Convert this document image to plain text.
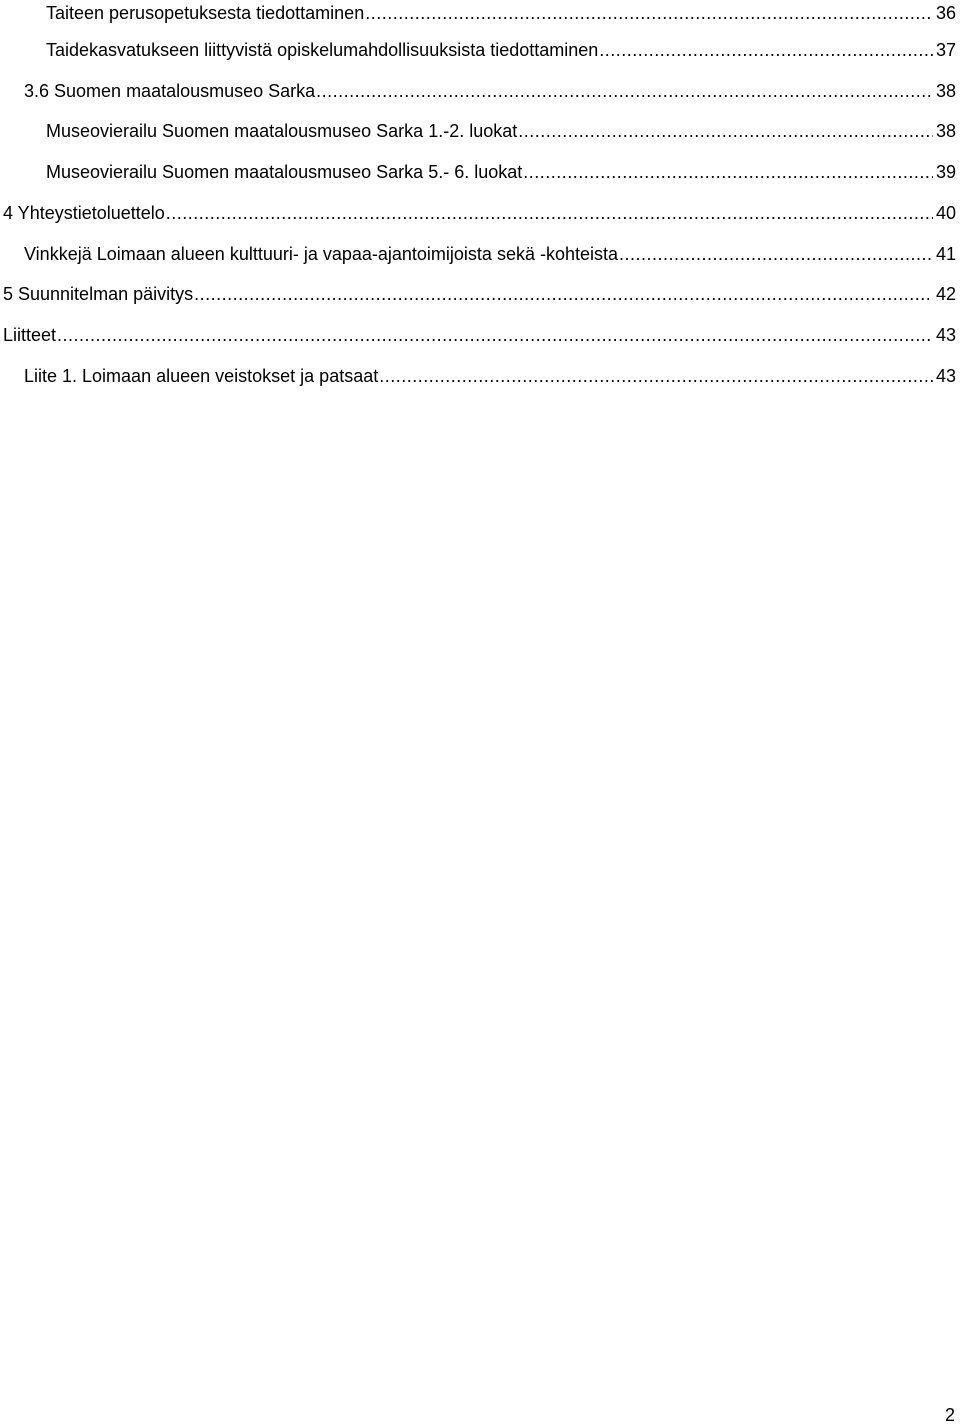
Taiteen perusopetuksesta tiedottaminen .....	36
Taidekasvatukseen liittyvistä opiskelumahdollisuuksista tiedottaminen .....	37
3.6 Suomen maatalousmuseo Sarka .....	38
Museovierailu Suomen maatalousmuseo Sarka 1.-2. luokat .....	38
Museovierailu Suomen maatalousmuseo Sarka 5.- 6. luokat .....	39
4 Yhteystietoluettelo .....	40
Vinkkejä Loimaan alueen kulttuuri- ja vapaa-ajantoimijoista sekä -kohteista .....	41
5 Suunnitelman päivitys .....	42
Liitteet .....	43
Liite 1. Loimaan alueen veistokset ja patsaat .....	43
2
